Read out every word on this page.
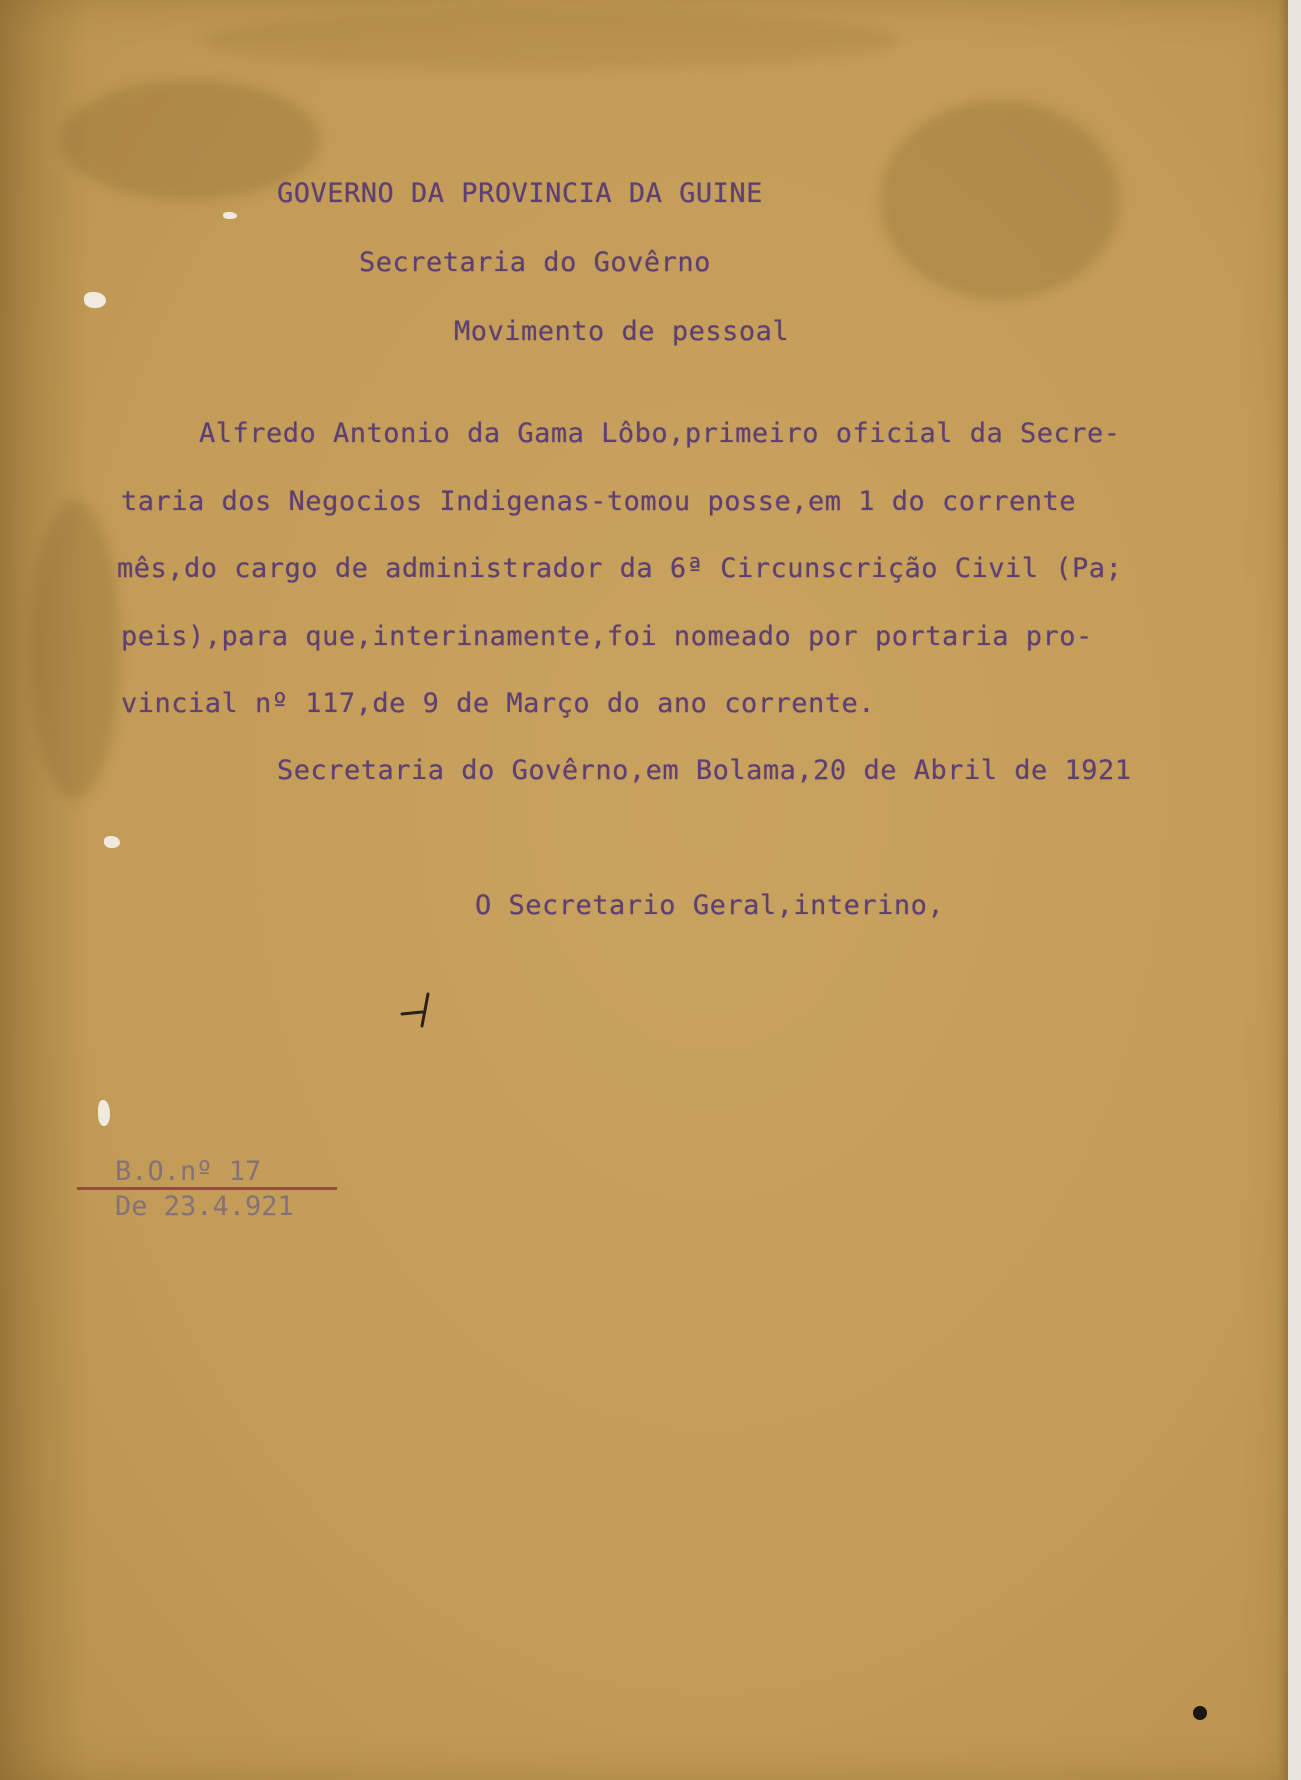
GOVERNO DA PROVINCIA DA GUINE

Secretaria do Govêrno

Movimento de pessoal

Alfredo Antonio da Gama Lôbo,primeiro oficial da Secre-

taria dos Negocios Indigenas-tomou posse,em 1 do corrente

mês,do cargo de administrador da 6ª Circunscrição Civil (Pa;

peis),para que,interinamente,foi nomeado por portaria pro-

vincial nº 117,de 9 de Março do ano corrente.

Secretaria do Govêrno,em Bolama,20 de Abril de 1921

O Secretario Geral,interino,

B.O.nº 17
De 23.4.921
